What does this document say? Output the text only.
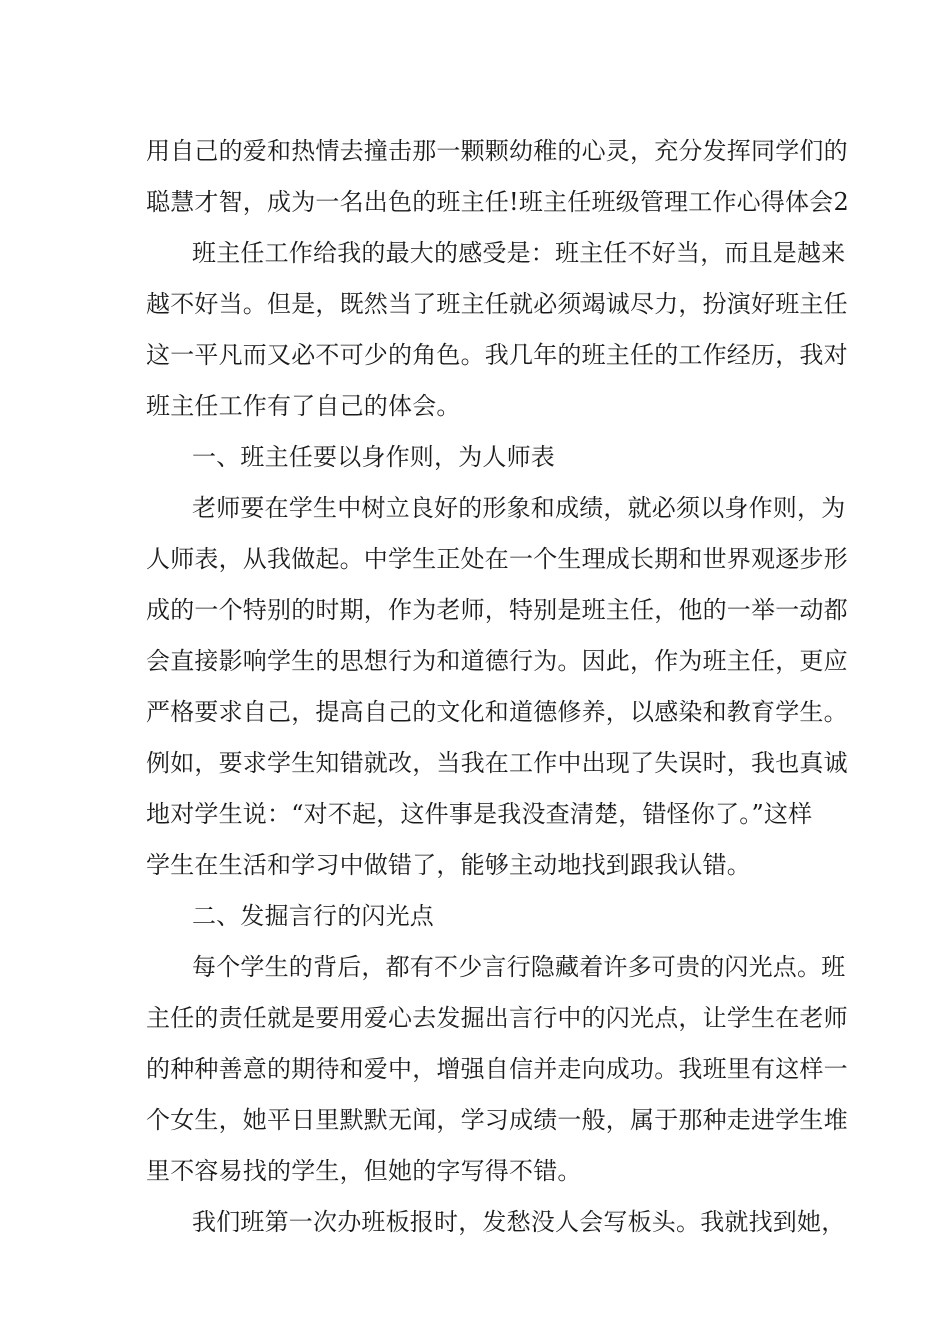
用自己的爱和热情去撞击那一颗颗幼稚的心灵，充分发挥同学们的
聪慧才智，成为一名出色的班主任!班主任班级管理工作心得体会2
班主任工作给我的最大的感受是：班主任不好当，而且是越来
越不好当。但是，既然当了班主任就必须竭诚尽力，扮演好班主任
这一平凡而又必不可少的角色。我几年的班主任的工作经历，我对
班主任工作有了自己的体会。
一、班主任要以身作则，为人师表
老师要在学生中树立良好的形象和成绩，就必须以身作则，为
人师表，从我做起。中学生正处在一个生理成长期和世界观逐步形
成的一个特别的时期，作为老师，特别是班主任，他的一举一动都
会直接影响学生的思想行为和道德行为。因此，作为班主任，更应
严格要求自己，提高自己的文化和道德修养，以感染和教育学生。
例如，要求学生知错就改，当我在工作中出现了失误时，我也真诚
地对学生说：“对不起，这件事是我没查清楚，错怪你了。”这样
学生在生活和学习中做错了，能够主动地找到跟我认错。
二、发掘言行的闪光点
每个学生的背后，都有不少言行隐藏着许多可贵的闪光点。班
主任的责任就是要用爱心去发掘出言行中的闪光点，让学生在老师
的种种善意的期待和爱中，增强自信并走向成功。我班里有这样一
个女生，她平日里默默无闻，学习成绩一般，属于那种走进学生堆
里不容易找的学生，但她的字写得不错。
我们班第一次办班板报时，发愁没人会写板头。我就找到她，
